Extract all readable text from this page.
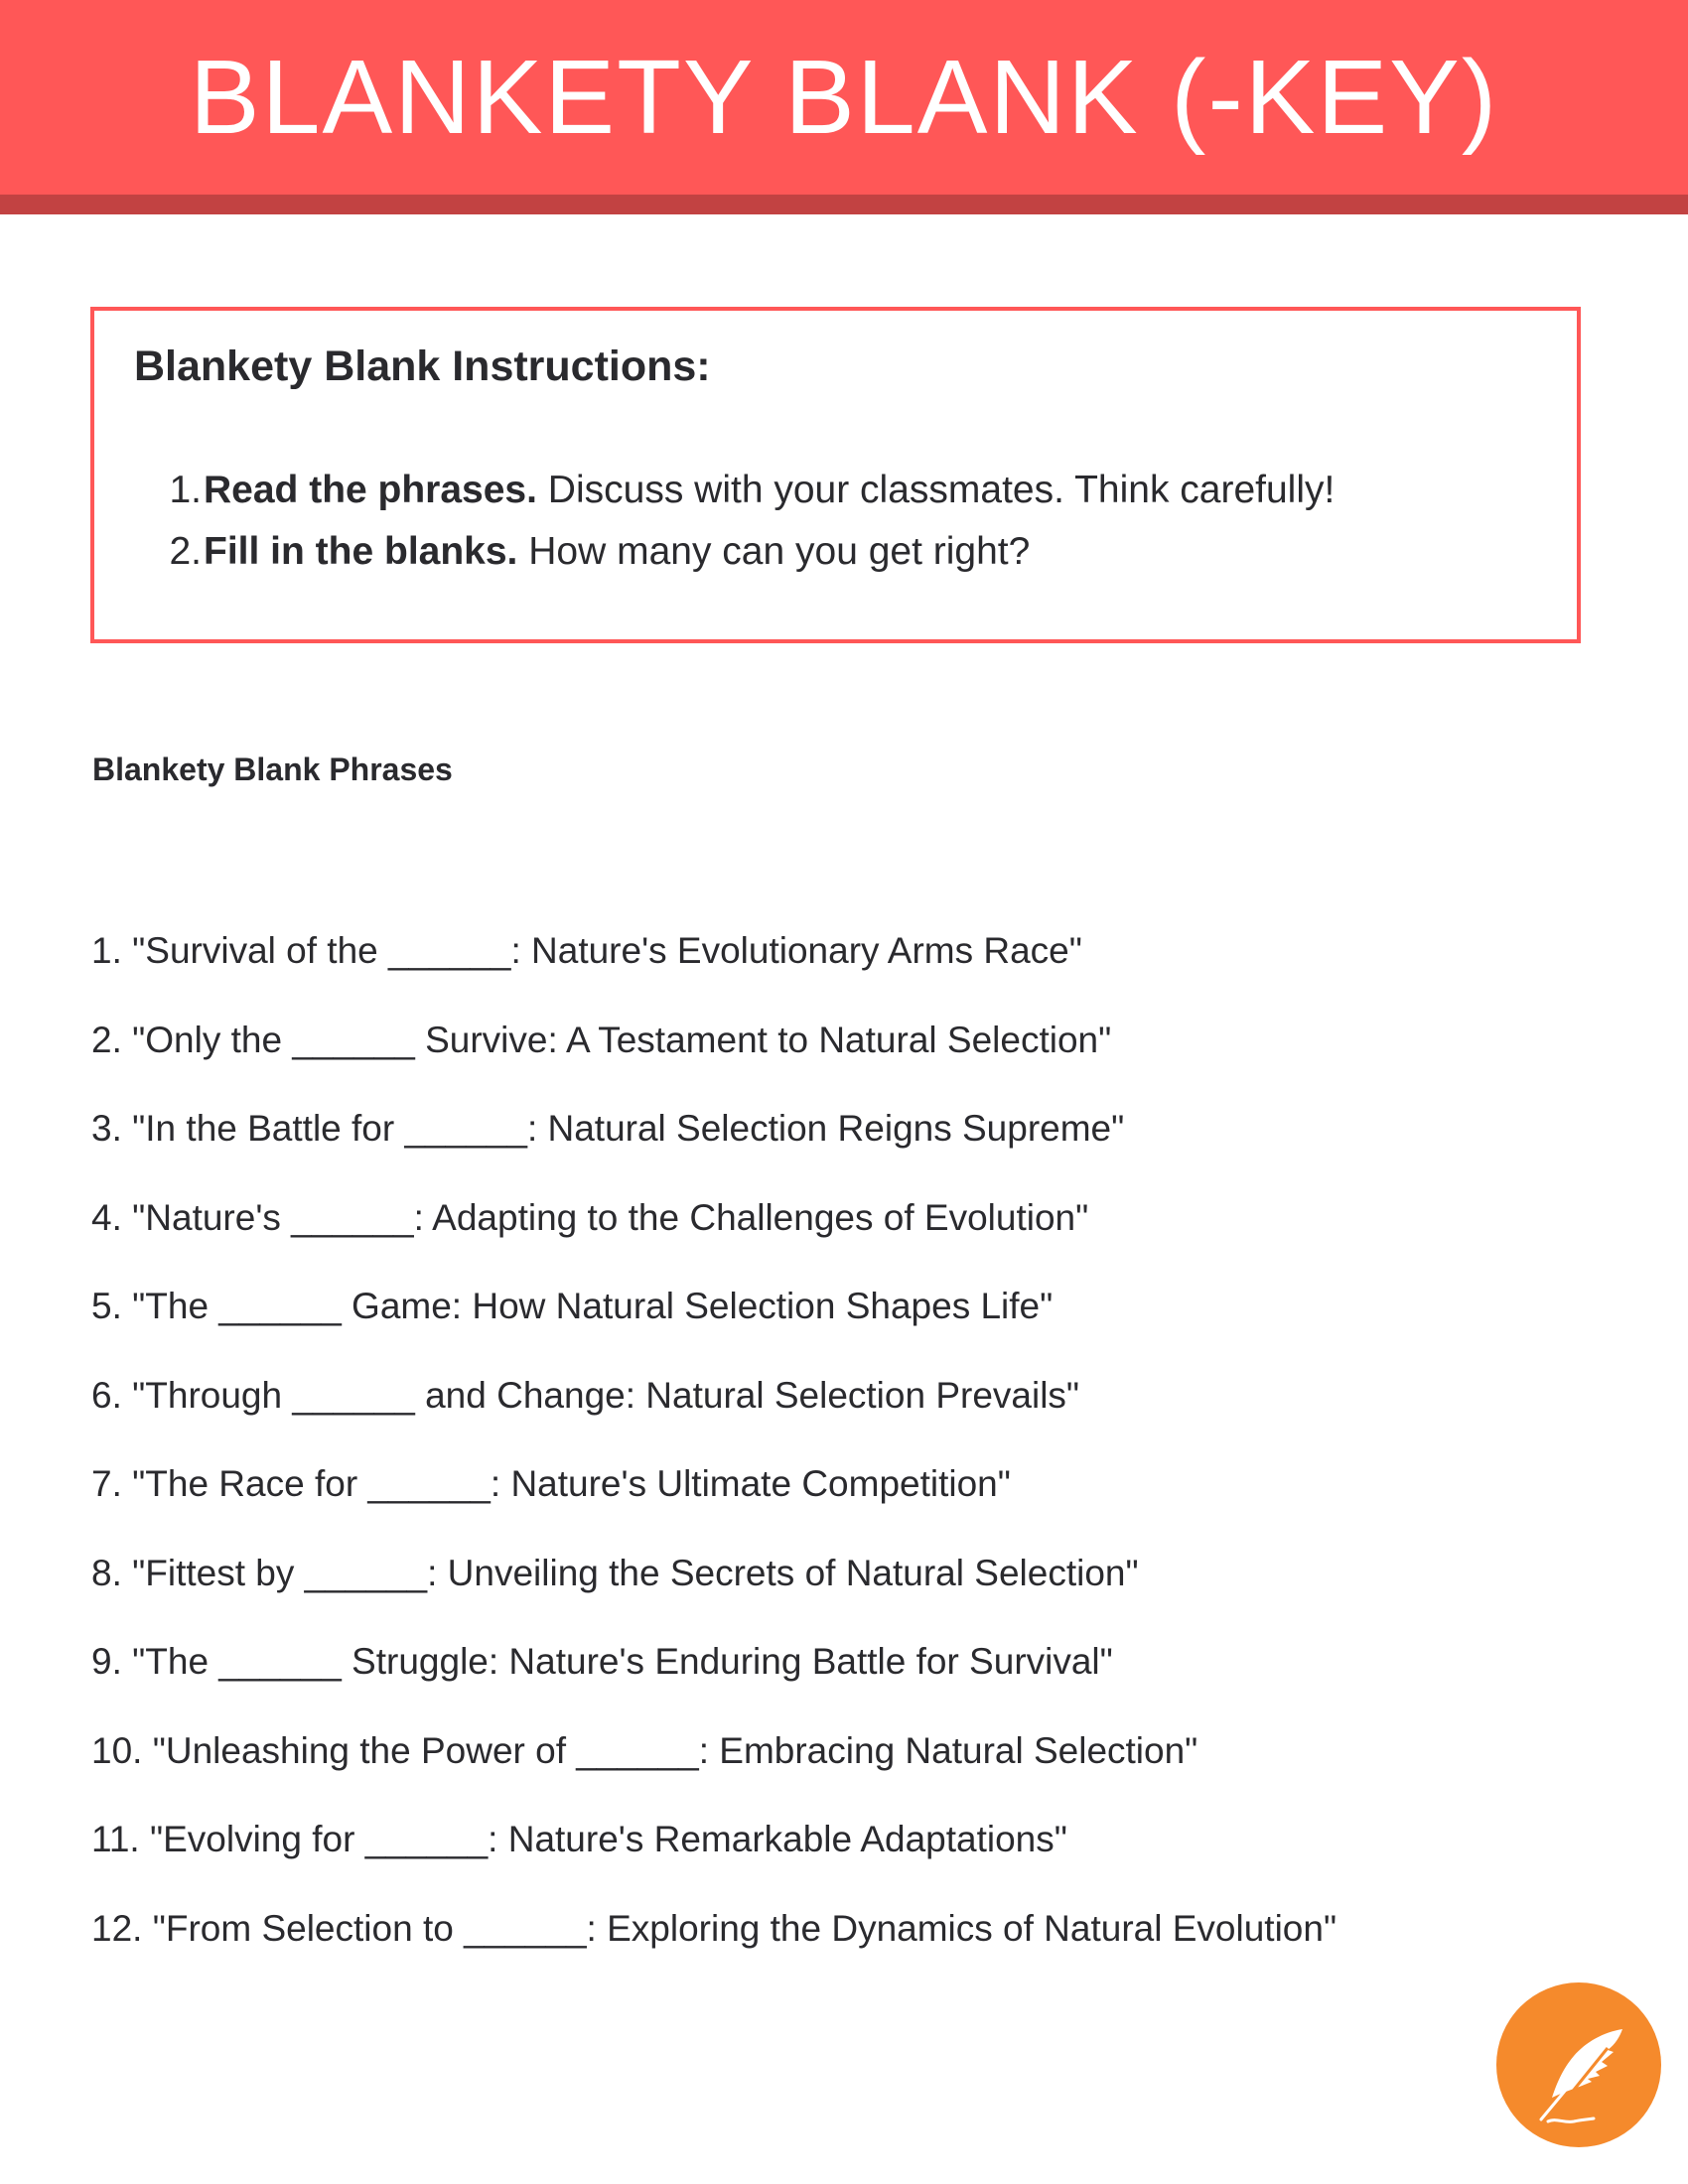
BLANKETY BLANK (-KEY)
Blankety Blank Instructions:
1. Read the phrases. Discuss with your classmates. Think carefully!
2. Fill in the blanks. How many can you get right?
Blankety Blank Phrases
1. "Survival of the ______: Nature's Evolutionary Arms Race"
2. "Only the ______ Survive: A Testament to Natural Selection"
3. "In the Battle for ______: Natural Selection Reigns Supreme"
4. "Nature's ______: Adapting to the Challenges of Evolution"
5. "The ______ Game: How Natural Selection Shapes Life"
6. "Through ______ and Change: Natural Selection Prevails"
7. "The Race for ______: Nature's Ultimate Competition"
8. "Fittest by ______: Unveiling the Secrets of Natural Selection"
9. "The ______ Struggle: Nature's Enduring Battle for Survival"
10. "Unleashing the Power of ______: Embracing Natural Selection"
11. "Evolving for ______: Nature's Remarkable Adaptations"
12. "From Selection to ______: Exploring the Dynamics of Natural Evolution"
